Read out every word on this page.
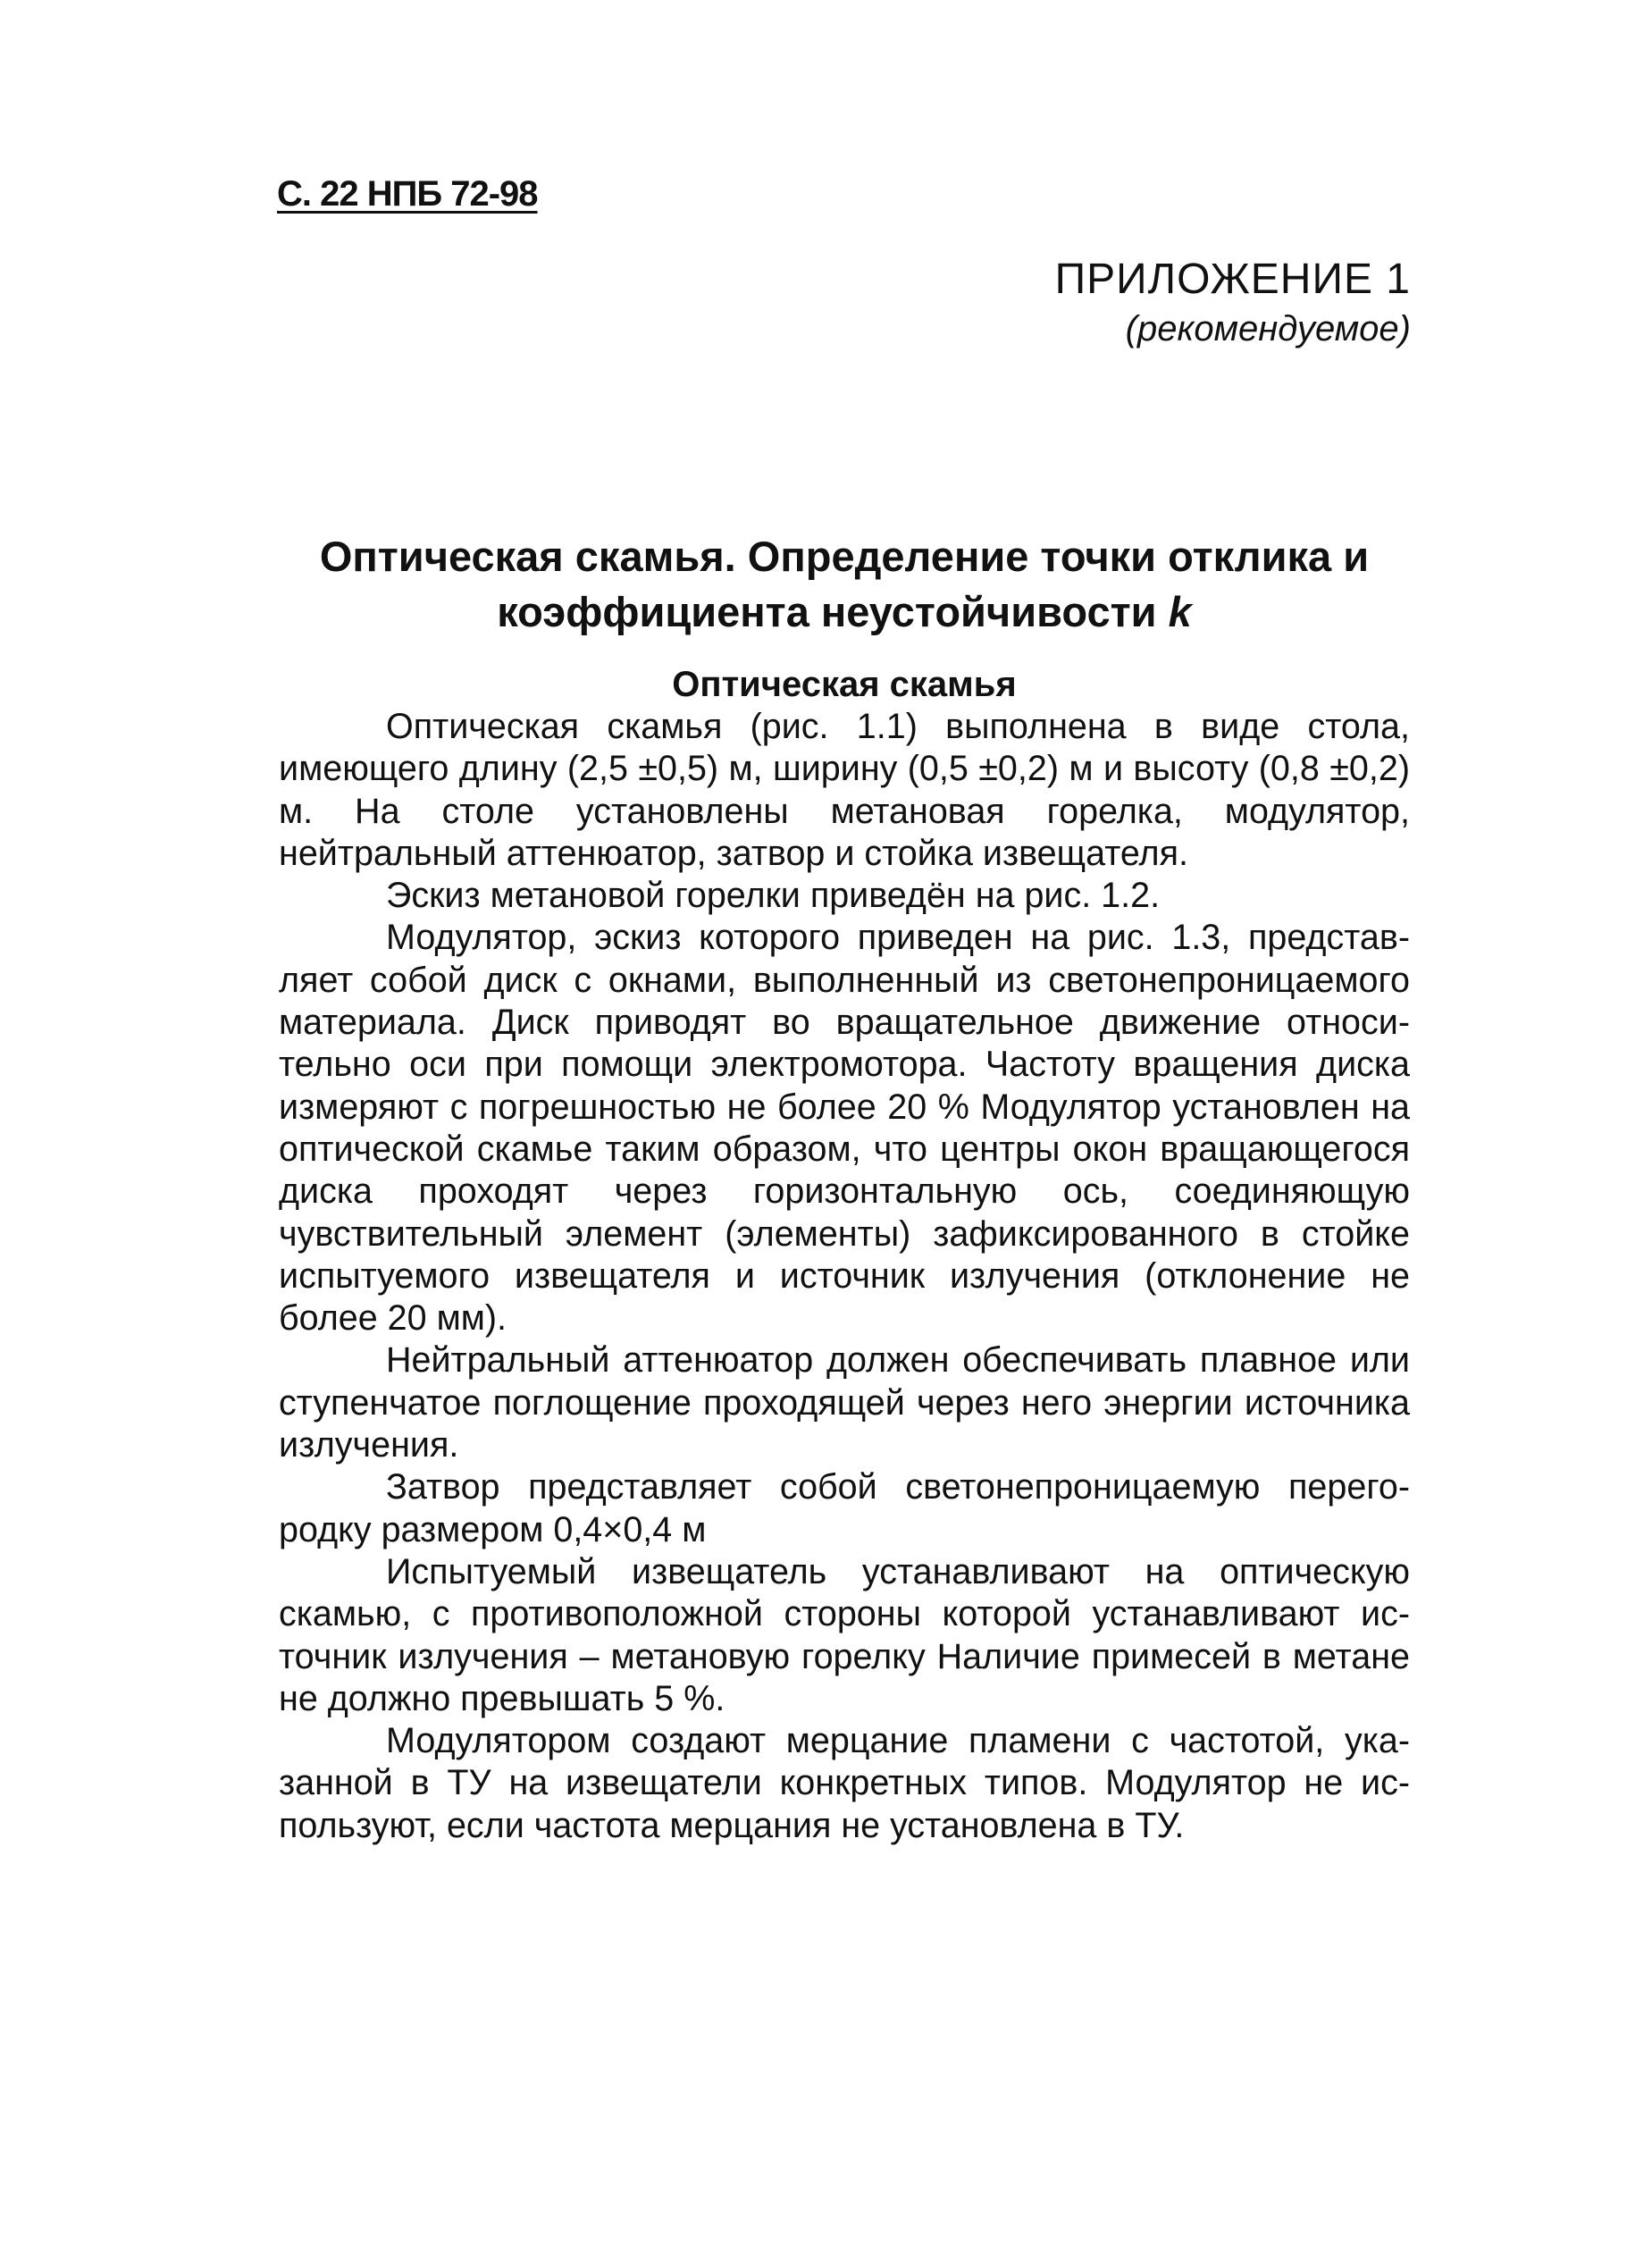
С. 22 НПБ 72-98
ПРИЛОЖЕНИЕ 1
(рекомендуемое)
Оптическая скамья. Определение точки отклика и
коэффициента неустойчивости k
Оптическая скамья

Оптическая скамья (рис. 1.1) выполнена в виде стола, имеющего длину (2,5 ±0,5) м, ширину (0,5 ±0,2) м и высоту (0,8 ±0,2) м. На столе установлены метановая горелка, модулятор, нейтральный аттенюатор, затвор и стойка извещателя.

Эскиз метановой горелки приведён на рис. 1.2.

Модулятор, эскиз которого приведен на рис. 1.3, представляет собой диск с окнами, выполненный из светонепроницаемого материала. Диск приводят во вращательное движение относительно оси при помощи электромотора. Частоту вращения диска измеряют с погрешностью не более 20 % Модулятор установлен на оптической скамье таким образом, что центры окон вращающегося диска проходят через горизонтальную ось, соединяющую чувствительный элемент (элементы) зафиксированного в стойке испытуемого извещателя и источник излучения (отклонение не более 20 мм).

Нейтральный аттенюатор должен обеспечивать плавное или ступенчатое поглощение проходящей через него энергии источника излучения.

Затвор представляет собой светонепроницаемую перегородку размером 0,4×0,4 м

Испытуемый извещатель устанавливают на оптическую скамью, с противоположной стороны которой устанавливают источник излучения – метановую горелку Наличие примесей в метане не должно превышать 5 %.

Модулятором создают мерцание пламени с частотой, указанной в ТУ на извещатели конкретных типов. Модулятор не используют, если частота мерцания не установлена в ТУ.
